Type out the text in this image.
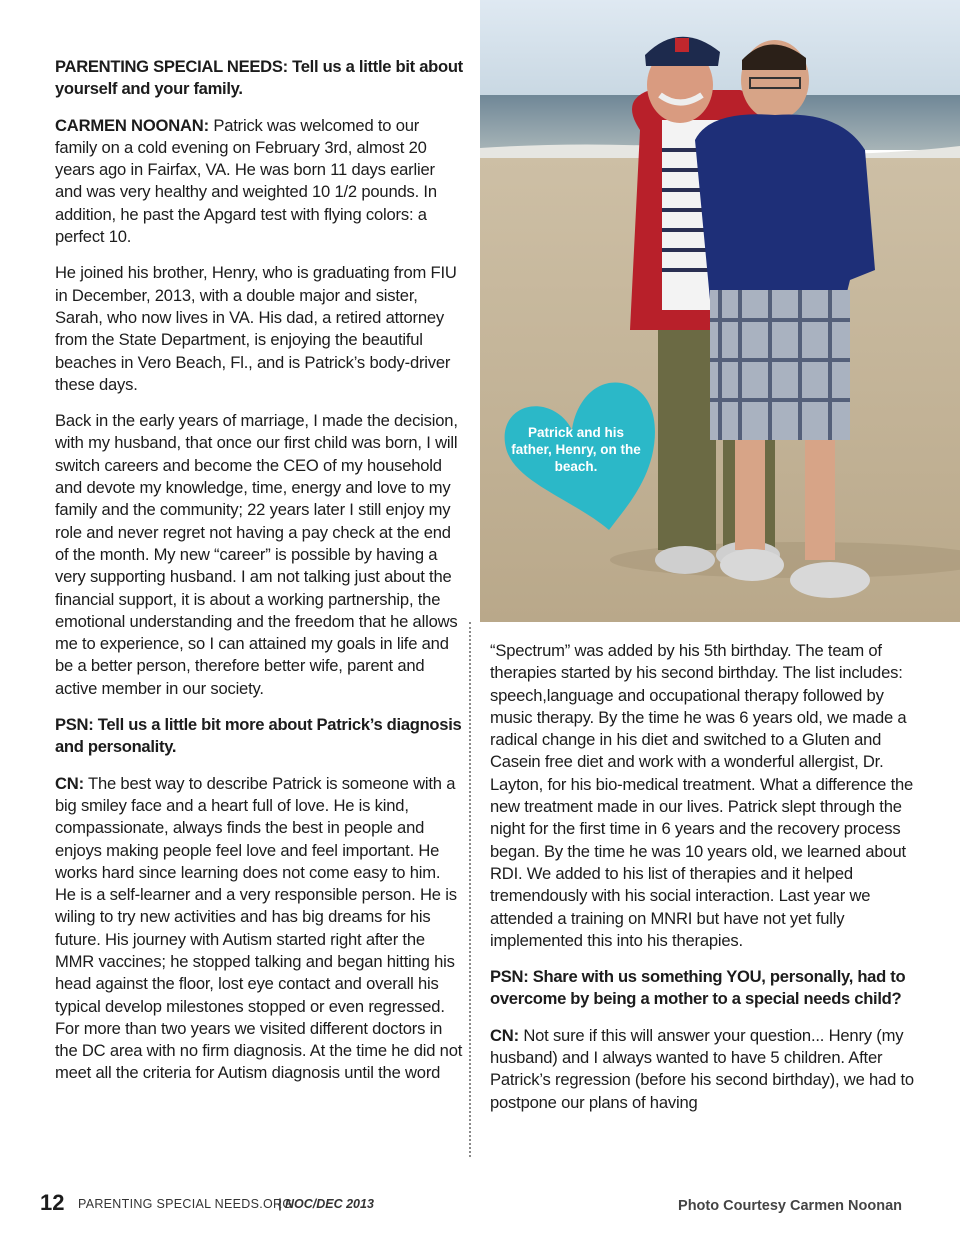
PARENTING SPECIAL NEEDS: Tell us a little bit about yourself and your family.

CARMEN NOONAN: Patrick was welcomed to our family on a cold evening on February 3rd, almost 20 years ago in Fairfax, VA. He was born 11 days earlier and was very healthy and weighted 10 1/2 pounds. In addition, he past the Apgard test with flying colors: a perfect 10.

He joined his brother, Henry, who is graduating from FIU in December, 2013, with a double major and sister, Sarah, who now lives in VA. His dad, a retired attorney from the State Department, is enjoying the beautiful beaches in Vero Beach, Fl., and is Patrick’s body-driver these days.

Back in the early years of marriage, I made the decision, with my husband, that once our first child was born, I will switch careers and become the CEO of my household and devote my knowledge, time, energy and love to my family and the community; 22 years later I still enjoy my role and never regret not having a pay check at the end of the month. My new “career” is possible by having a very supporting husband. I am not talking just about the financial support, it is about a working partnership, the emotional understanding and the freedom that he allows me to experience, so I can attained my goals in life and be a better person, therefore better wife, parent and active member in our society.

PSN: Tell us a little bit more about Patrick’s diagnosis and personality.

CN: The best way to describe Patrick is someone with a big smiley face and a heart full of love. He is kind, compassionate, always finds the best in people and enjoys making people feel love and feel important. He works hard since learning does not come easy to him. He is a self-learner and a very responsible person. He is wiling to try new activities and has big dreams for his future. His journey with Autism started right after the MMR vaccines; he stopped talking and began hitting his head against the floor, lost eye contact and overall his typical develop milestones stopped or even regressed. For more than two years we visited different doctors in the DC area with no firm diagnosis. At the time he did not meet all the criteria for Autism diagnosis until the word

Patrick and his father, Henry, on the beach.

“Spectrum” was added by his 5th birthday. The team of therapies started by his second birthday. The list includes: speech,language and occupational therapy followed by music therapy. By the time he was 6 years old, we made a radical change in his diet and switched to a Gluten and Casein free diet and work with a wonderful allergist, Dr. Layton, for his bio-medical treatment. What a difference the new treatment made in our lives. Patrick slept through the night for the first time in 6 years and the recovery process began. By the time he was 10 years old, we learned about RDI. We added to his list of therapies and it helped tremendously with his social interaction. Last year we attended a training on MNRI but have not yet fully implemented this into his therapies.

PSN: Share with us something YOU, personally, had to overcome by being a mother to a special needs child?

CN: Not sure if this will answer your question... Henry (my husband) and I always wanted to have 5 children. After Patrick’s regression (before his second birthday), we had to postpone our plans of having

12 PARENTING SPECIAL NEEDS.ORG
| NOC/DEC 2013	Photo Courtesy Carmen Noonan
